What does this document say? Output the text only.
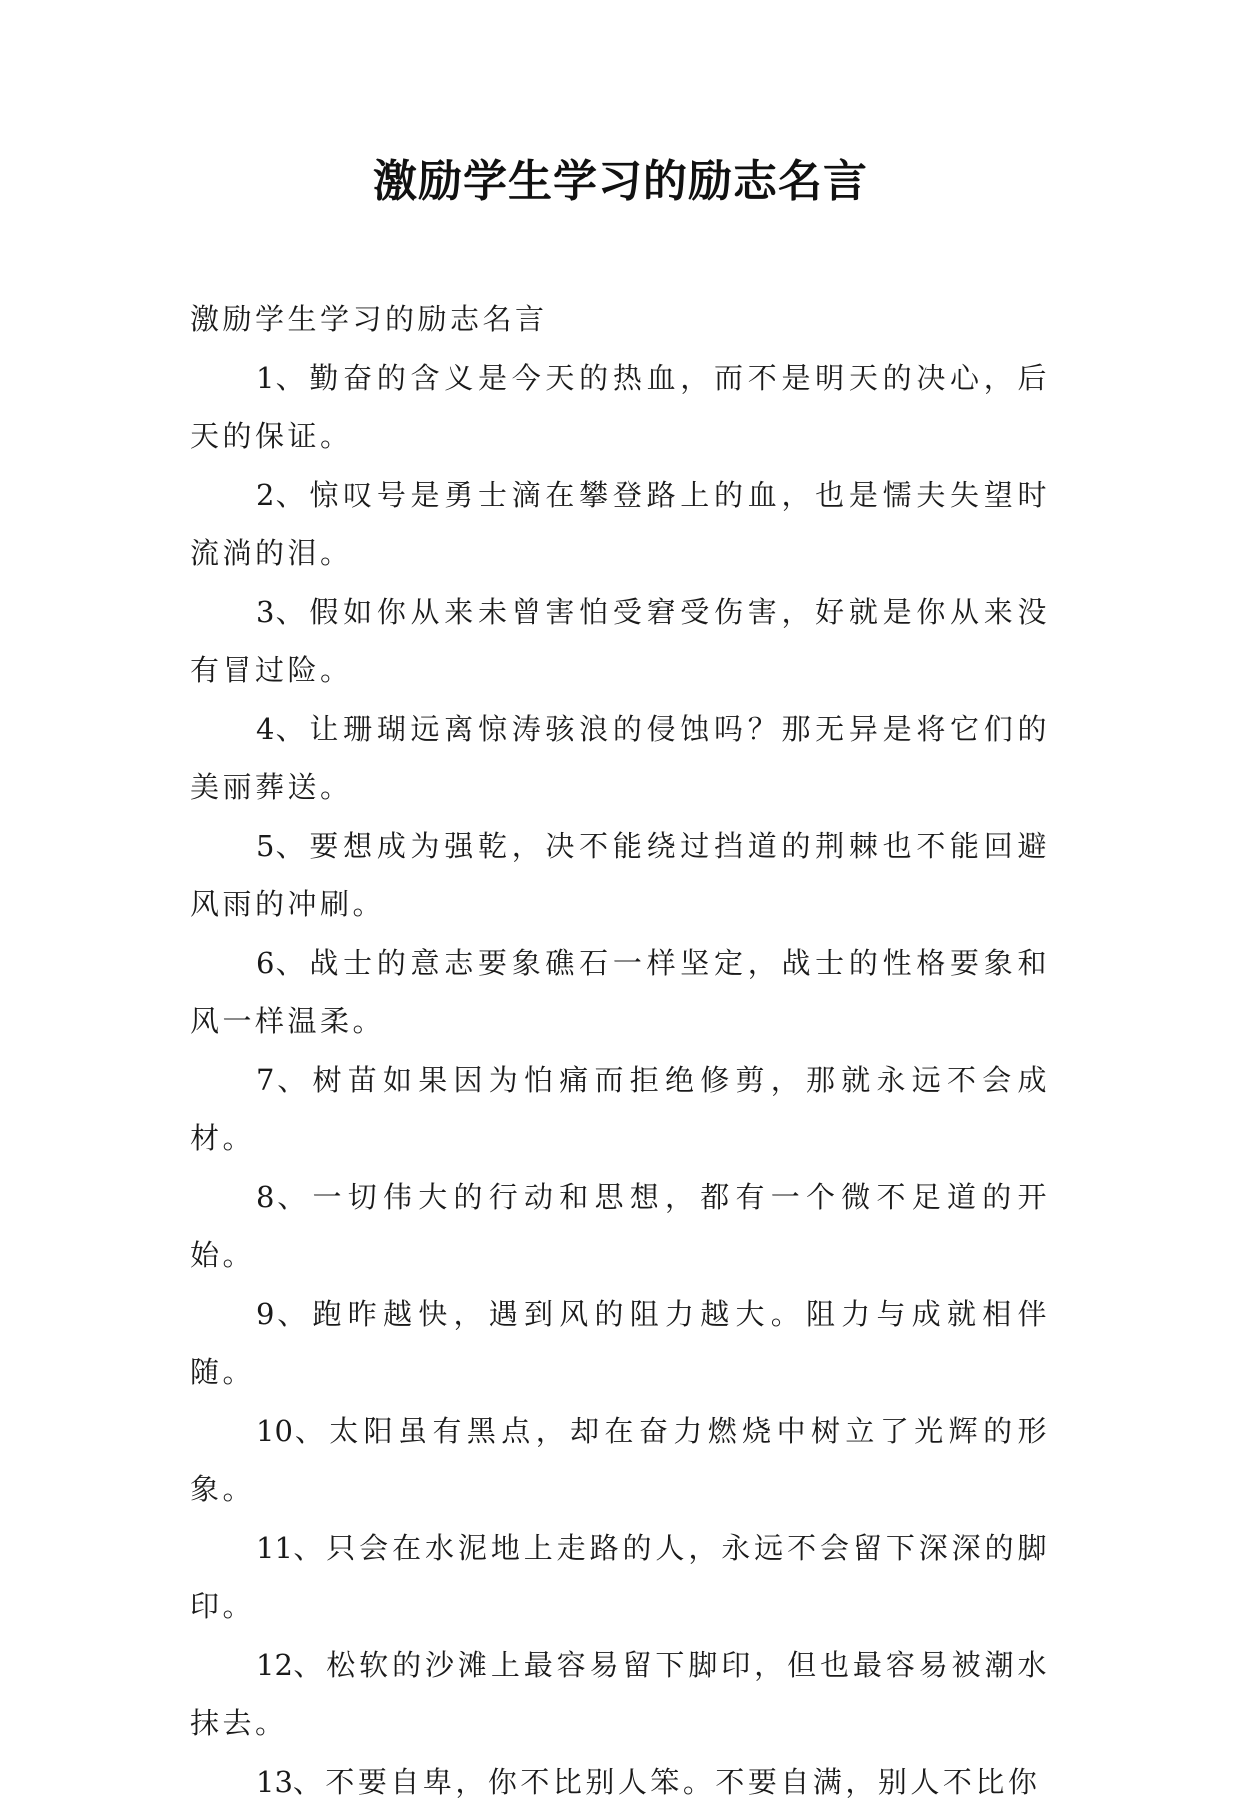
激励学生学习的励志名言

激励学生学习的励志名言

1、勤奋的含义是今天的热血，而不是明天的决心，后天的保证。

2、惊叹号是勇士滴在攀登路上的血，也是懦夫失望时流淌的泪。

3、假如你从来未曾害怕受窘受伤害，好就是你从来没有冒过险。

4、让珊瑚远离惊涛骇浪的侵蚀吗？那无异是将它们的美丽葬送。

5、要想成为强乾，决不能绕过挡道的荆棘也不能回避风雨的冲刷。

6、战士的意志要象礁石一样坚定，战士的性格要象和风一样温柔。

7、树苗如果因为怕痛而拒绝修剪，那就永远不会成材。

8、一切伟大的行动和思想，都有一个微不足道的开始。

9、跑昨越快，遇到风的阻力越大。阻力与成就相伴随。

10、太阳虽有黑点，却在奋力燃烧中树立了光辉的形象。

11、只会在水泥地上走路的人，永远不会留下深深的脚印。

12、松软的沙滩上最容易留下脚印，但也最容易被潮水抹去。

13、不要自卑，你不比别人笨。不要自满，别人不比你
